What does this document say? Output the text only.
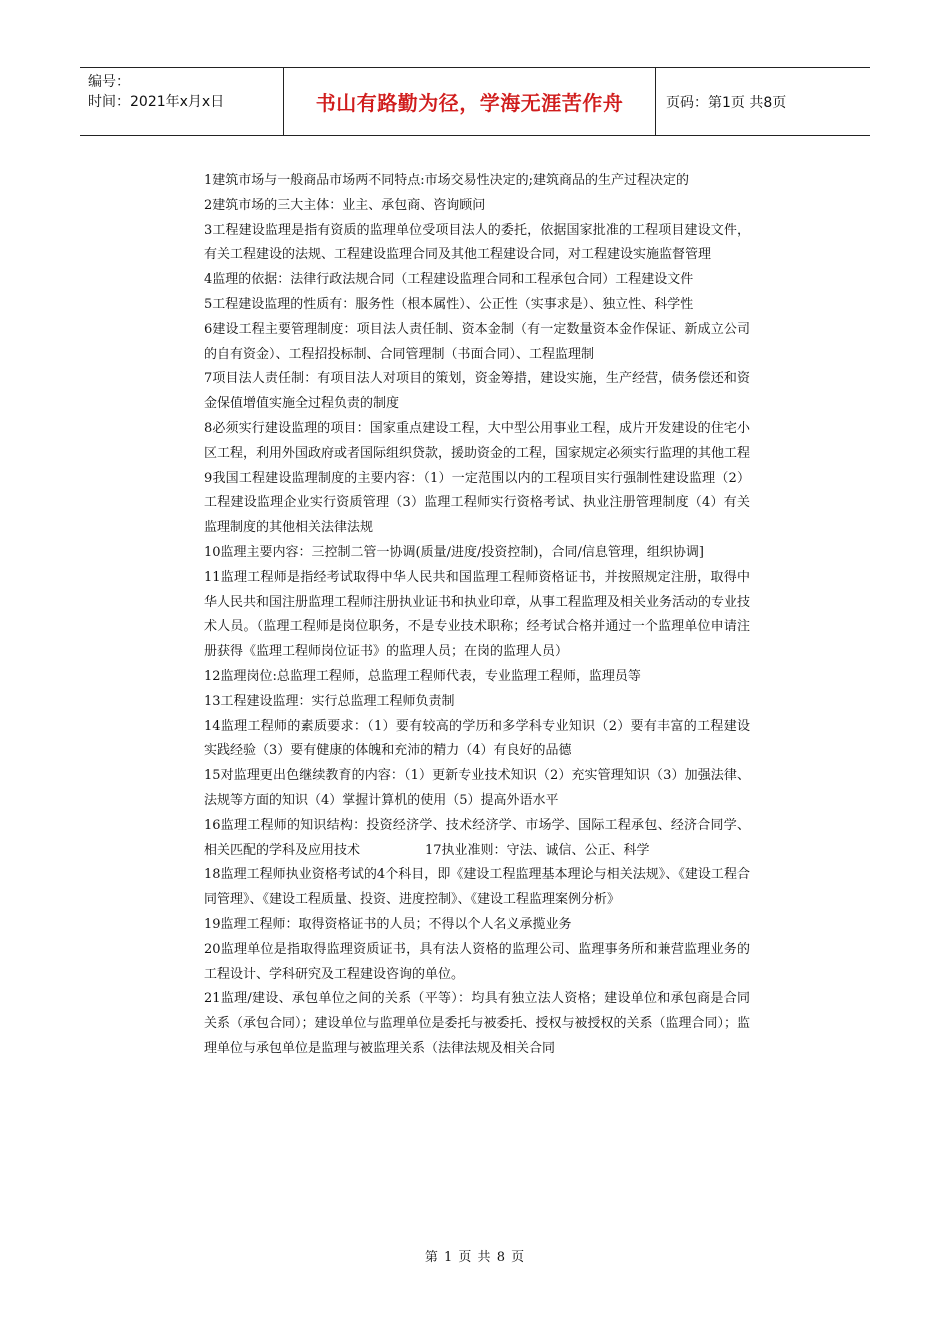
编号：
时间：2021年x月x日	书山有路勤为径，学海无涯苦作舟	页码：第1页 共8页

1建筑市场与一般商品市场两不同特点:市场交易性决定的;建筑商品的生产过程决定的

2建筑市场的三大主体：业主、承包商、咨询顾问

3工程建设监理是指有资质的监理单位受项目法人的委托，依据国家批准的工程项目建设文件，有关工程建设的法规、工程建设监理合同及其他工程建设合同，对工程建设实施监督管理

4监理的依据：法律行政法规合同（工程建设监理合同和工程承包合同）工程建设文件

5工程建设监理的性质有：服务性（根本属性）、公正性（实事求是）、独立性、科学性

6建设工程主要管理制度：项目法人责任制、资本金制（有一定数量资本金作保证、新成立公司的自有资金）、工程招投标制、合同管理制（书面合同）、工程监理制

7项目法人责任制：有项目法人对项目的策划，资金筹措，建设实施，生产经营，债务偿还和资金保值增值实施全过程负责的制度

8必须实行建设监理的项目：国家重点建设工程，大中型公用事业工程，成片开发建设的住宅小区工程，利用外国政府或者国际组织贷款，援助资金的工程，国家规定必须实行监理的其他工程

9我国工程建设监理制度的主要内容：（1）一定范围以内的工程项目实行强制性建设监理（2）工程建设监理企业实行资质管理（3）监理工程师实行资格考试、执业注册管理制度（4）有关监理制度的其他相关法律法规

10监理主要内容：三控制二管一协调(质量/进度/投资控制)，合同/信息管理，组织协调]

11监理工程师是指经考试取得中华人民共和国监理工程师资格证书，并按照规定注册，取得中华人民共和国注册监理工程师注册执业证书和执业印章，从事工程监理及相关业务活动的专业技术人员。（监理工程师是岗位职务，不是专业技术职称；经考试合格并通过一个监理单位申请注册获得《监理工程师岗位证书》的监理人员；在岗的监理人员）

12监理岗位:总监理工程师，总监理工程师代表，专业监理工程师，监理员等

13工程建设监理：实行总监理工程师负责制

14监理工程师的素质要求：（1）要有较高的学历和多学科专业知识（2）要有丰富的工程建设实践经验（3）要有健康的体魄和充沛的精力（4）有良好的品德

15对监理更出色继续教育的内容：（1）更新专业技术知识（2）充实管理知识（3）加强法律、法规等方面的知识（4）掌握计算机的使用（5）提高外语水平

16监理工程师的知识结构：投资经济学、技术经济学、市场学、国际工程承包、经济合同学、相关匹配的学科及应用技术　　　　　17执业准则：守法、诚信、公正、科学

18监理工程师执业资格考试的4个科目，即《建设工程监理基本理论与相关法规》、《建设工程合同管理》、《建设工程质量、投资、进度控制》、《建设工程监理案例分析》

19监理工程师：取得资格证书的人员；不得以个人名义承揽业务

20监理单位是指取得监理资质证书，具有法人资格的监理公司、监理事务所和兼营监理业务的工程设计、学科研究及工程建设咨询的单位。

21监理/建设、承包单位之间的关系（平等）：均具有独立法人资格；建设单位和承包商是合同关系（承包合同）；建设单位与监理单位是委托与被委托、授权与被授权的关系（监理合同）；监理单位与承包单位是监理与被监理关系（法律法规及相关合同

第 1 页 共 8 页
